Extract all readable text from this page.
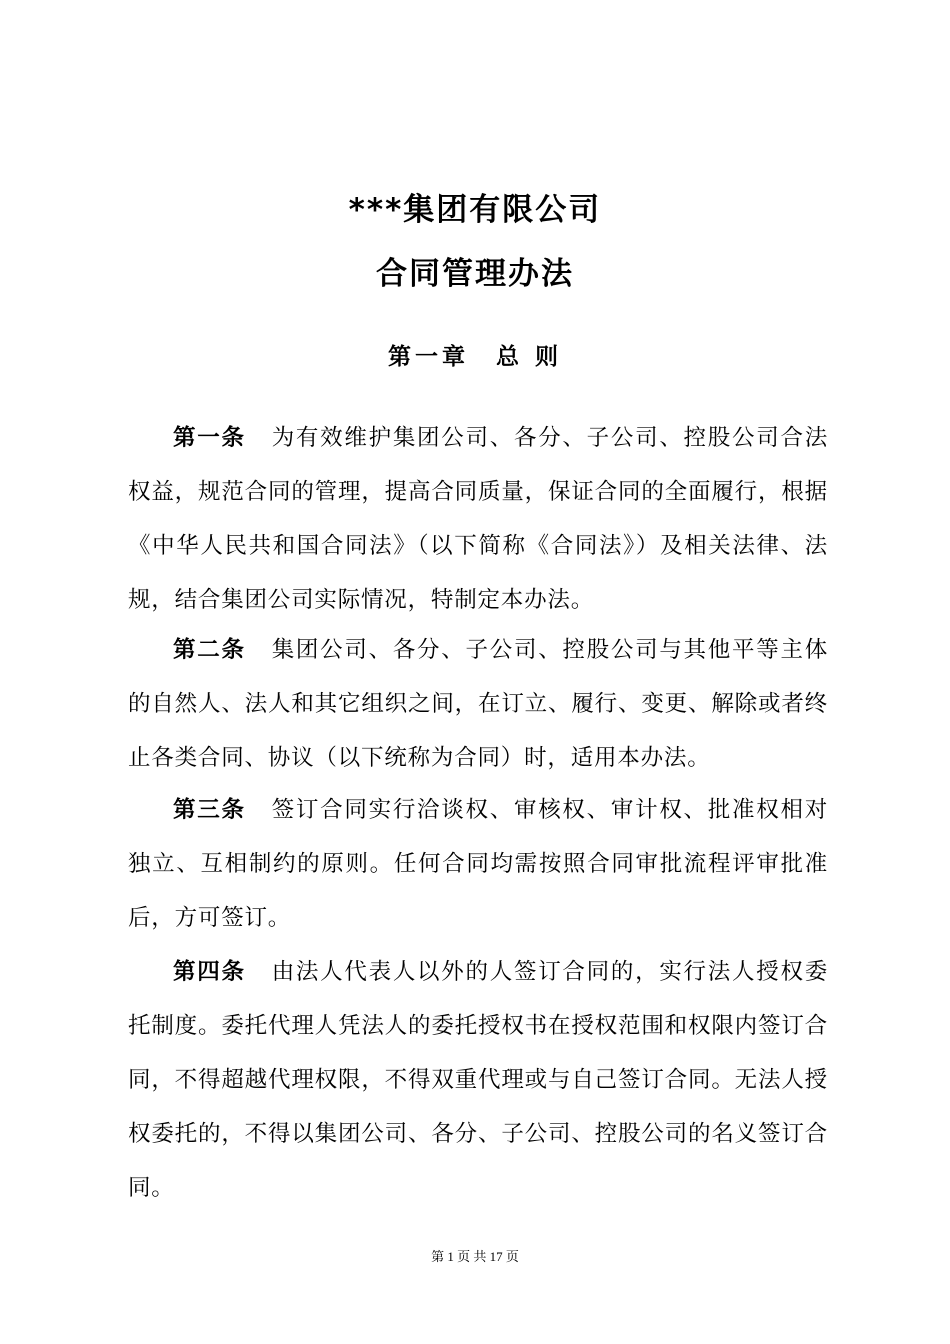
***集团有限公司
合同管理办法
第一章　总 则

第一条 为有效维护集团公司、各分、子公司、控股公司合法权益，规范合同的管理，提高合同质量，保证合同的全面履行，根据《中华人民共和国合同法》（以下简称《合同法》）及相关法律、法规，结合集团公司实际情况，特制定本办法。

第二条 集团公司、各分、子公司、控股公司与其他平等主体的自然人、法人和其它组织之间，在订立、履行、变更、解除或者终止各类合同、协议（以下统称为合同）时，适用本办法。

第三条 签订合同实行洽谈权、审核权、审计权、批准权相对独立、互相制约的原则。任何合同均需按照合同审批流程评审批准后，方可签订。

第四条 由法人代表人以外的人签订合同的，实行法人授权委托制度。委托代理人凭法人的委托授权书在授权范围和权限内签订合同，不得超越代理权限，不得双重代理或与自己签订合同。无法人授权委托的，不得以集团公司、各分、子公司、控股公司的名义签订合同。

第 1 页 共 17 页
